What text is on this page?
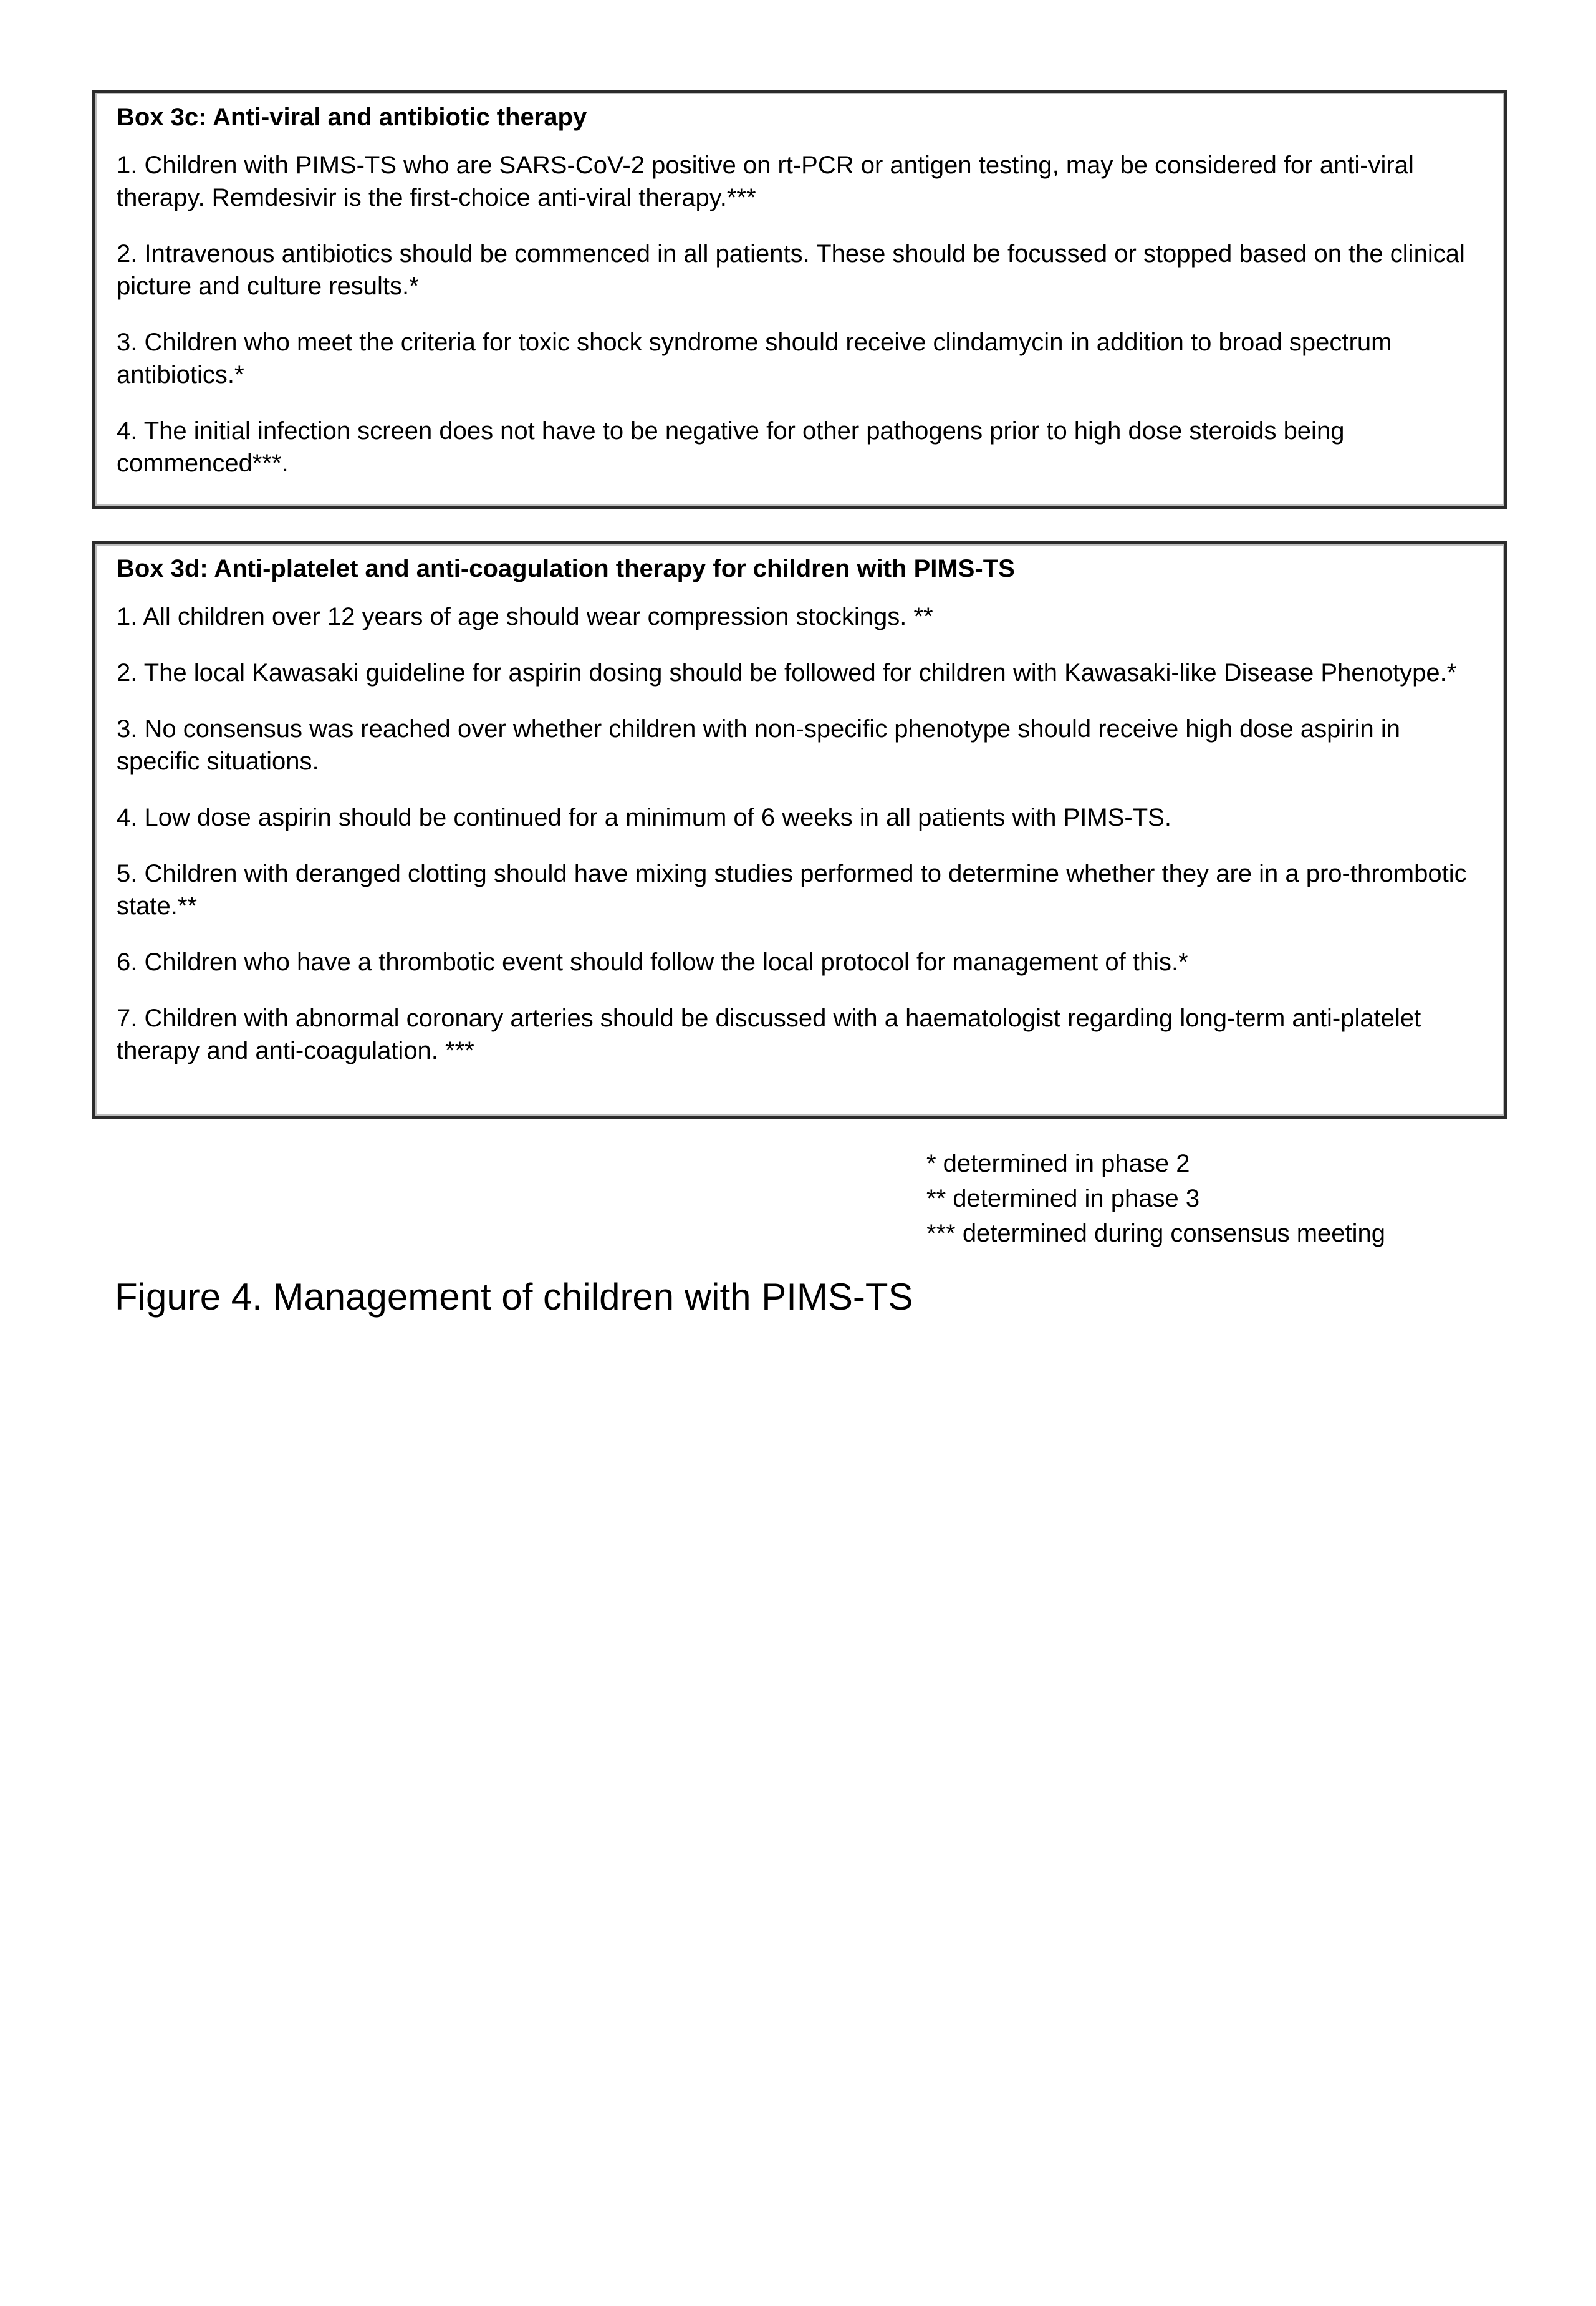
Box 3c: Anti-viral and antibiotic therapy
1. Children with PIMS-TS who are SARS-CoV-2 positive on rt-PCR or antigen testing, may be considered for anti-viral therapy. Remdesivir is the first-choice anti-viral therapy.***
2. Intravenous antibiotics should be commenced in all patients. These should be focussed or stopped based on the clinical picture and culture results.*
3. Children who meet the criteria for toxic shock syndrome should receive clindamycin in addition to broad spectrum antibiotics.*
4. The initial infection screen does not have to be negative for other pathogens prior to high dose steroids being commenced***.
Box 3d: Anti-platelet and anti-coagulation therapy for children with PIMS-TS
1. All children over 12 years of age should wear compression stockings. **
2. The local Kawasaki guideline for aspirin dosing should be followed for children with Kawasaki-like Disease Phenotype.*
3. No consensus was reached over whether children with non-specific phenotype should receive high dose aspirin in specific situations.
4. Low dose aspirin should be continued for a minimum of 6 weeks in all patients with PIMS-TS.
5. Children with deranged clotting should have mixing studies performed to determine whether they are in a pro-thrombotic state.**
6. Children who have a thrombotic event should follow the local protocol for management of this.*
7. Children with abnormal coronary arteries should be discussed with a haematologist regarding long-term anti-platelet therapy and anti-coagulation. ***
* determined in phase 2
** determined in phase 3
*** determined during consensus meeting
Figure 4. Management of children with PIMS-TS
